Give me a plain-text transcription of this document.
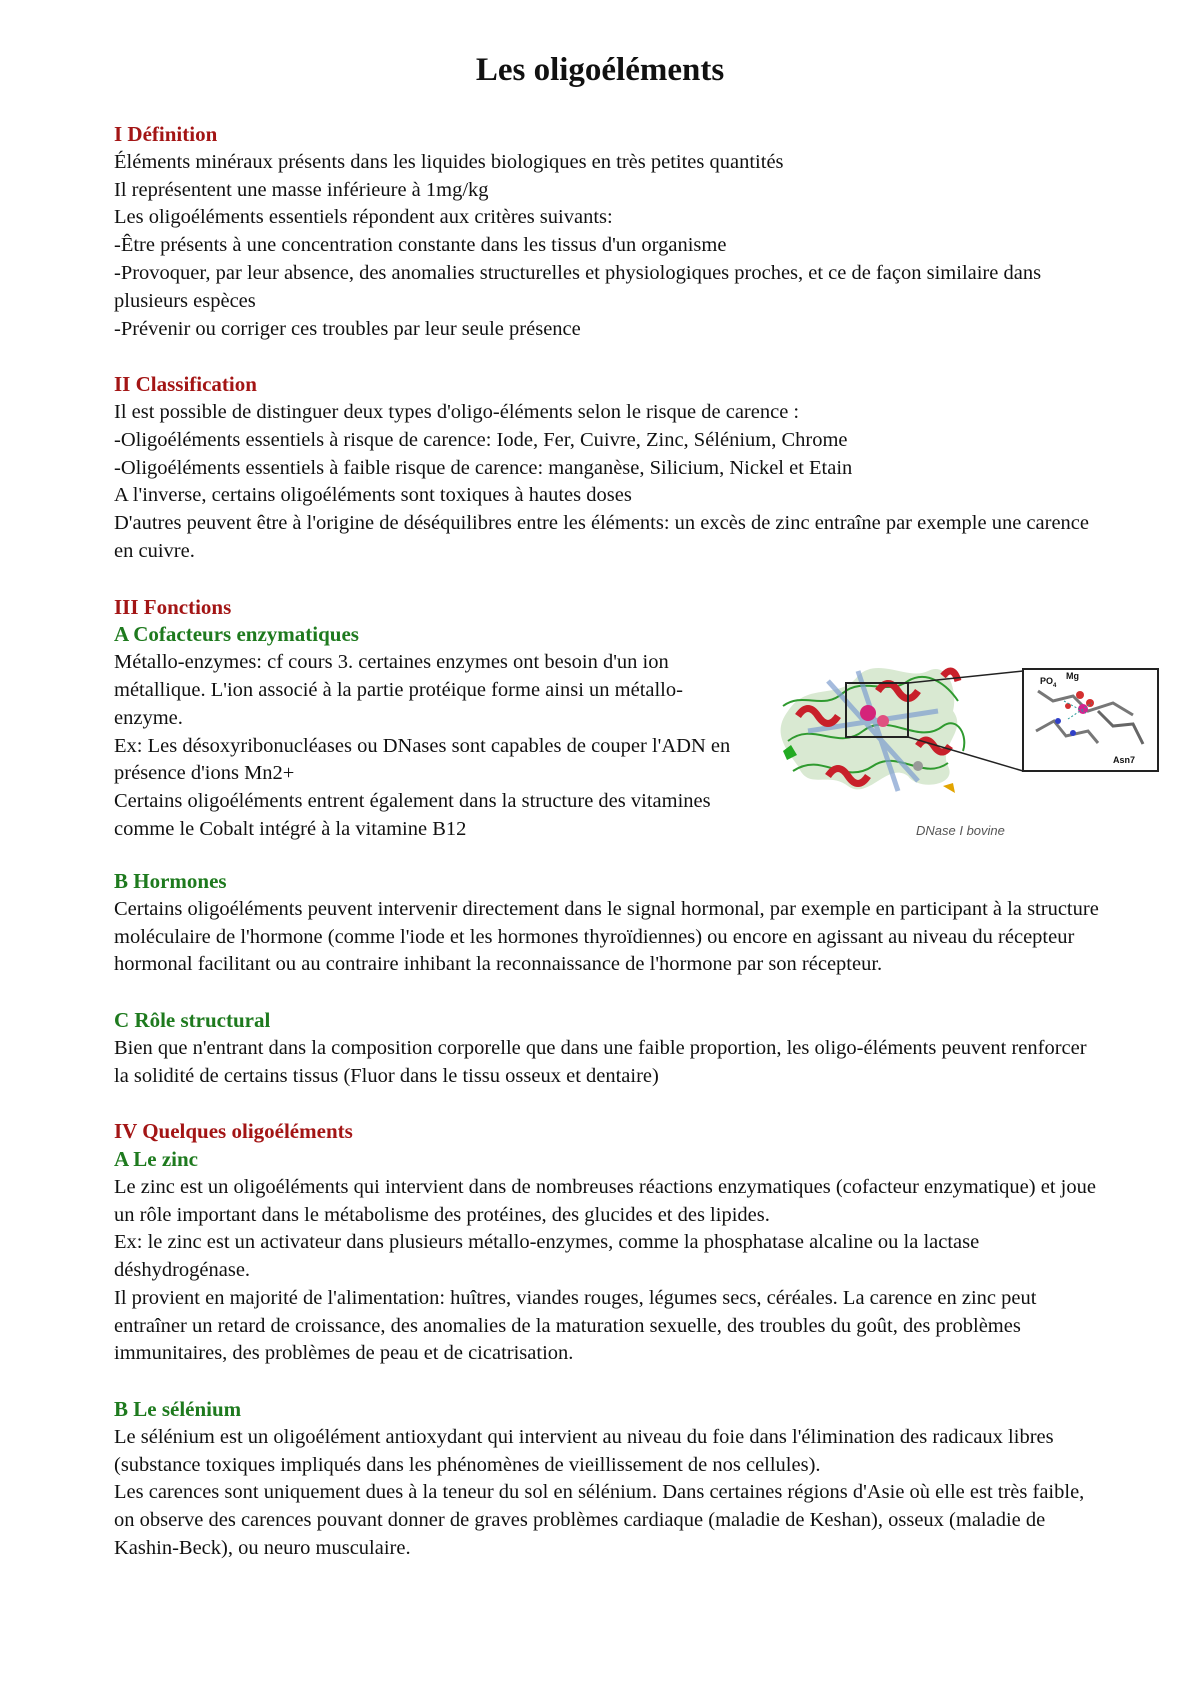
Les oligoéléments

I Définition

Éléments minéraux présents dans les liquides biologiques en très petites quantités

Il représentent une masse inférieure à 1mg/kg

Les oligoéléments essentiels répondent aux critères suivants:

-Être présents à une concentration constante dans les tissus d'un organisme

-Provoquer, par leur absence, des anomalies structurelles et physiologiques proches, et ce de façon similaire dans plusieurs espèces

-Prévenir ou corriger ces troubles par leur seule présence

II Classification

Il est possible de distinguer deux types d'oligo-éléments selon le risque de carence :

-Oligoéléments essentiels à risque de carence: Iode, Fer, Cuivre, Zinc, Sélénium, Chrome

-Oligoéléments essentiels à faible risque de carence: manganèse, Silicium, Nickel et Etain

A l'inverse, certains oligoéléments sont toxiques à hautes doses

D'autres peuvent être à l'origine de déséquilibres entre les éléments: un excès de zinc entraîne par exemple une carence en cuivre.

III Fonctions

A Cofacteurs enzymatiques

Métallo-enzymes: cf cours 3. certaines enzymes ont besoin d'un ion métallique. L'ion associé à la partie protéique forme ainsi un métallo-enzyme.

Ex: Les désoxyribonucléases ou DNases sont capables de couper l'ADN en présence d'ions Mn2+

Certains oligoéléments entrent également dans la structure des vitamines comme le Cobalt intégré à la vitamine B12

PO 4
Mg
Asn7
DNase I bovine

B Hormones

Certains oligoéléments peuvent intervenir directement dans le signal hormonal, par exemple en participant à la structure moléculaire de l'hormone (comme l'iode et les hormones thyroïdiennes) ou encore en agissant au niveau du récepteur hormonal facilitant ou au contraire inhibant la reconnaissance de l'hormone par son récepteur.

C Rôle structural

Bien que n'entrant dans la composition corporelle que dans une faible proportion, les oligo-éléments peuvent renforcer la solidité de certains tissus (Fluor dans le tissu osseux et dentaire)

IV Quelques oligoéléments

A Le zinc

Le zinc est un oligoéléments qui intervient dans de nombreuses réactions enzymatiques (cofacteur enzymatique) et joue un rôle important dans le métabolisme des protéines, des glucides et des lipides.

Ex: le zinc est un activateur dans plusieurs métallo-enzymes, comme la phosphatase alcaline ou la lactase déshydrogénase.

Il provient en majorité de l'alimentation: huîtres, viandes rouges, légumes secs, céréales. La carence en zinc peut entraîner un retard de croissance, des anomalies de la maturation sexuelle, des troubles du goût, des problèmes immunitaires, des problèmes de peau et de cicatrisation.

B Le sélénium

Le sélénium est un oligoélément antioxydant qui intervient au niveau du foie dans l'élimination des radicaux libres (substance toxiques impliqués dans les phénomènes de vieillissement de nos cellules).

Les carences sont uniquement dues à la teneur du sol en sélénium. Dans certaines régions d'Asie où elle est très faible, on observe des carences pouvant donner de graves problèmes cardiaque (maladie de Keshan), osseux (maladie de Kashin-Beck), ou neuro musculaire.
